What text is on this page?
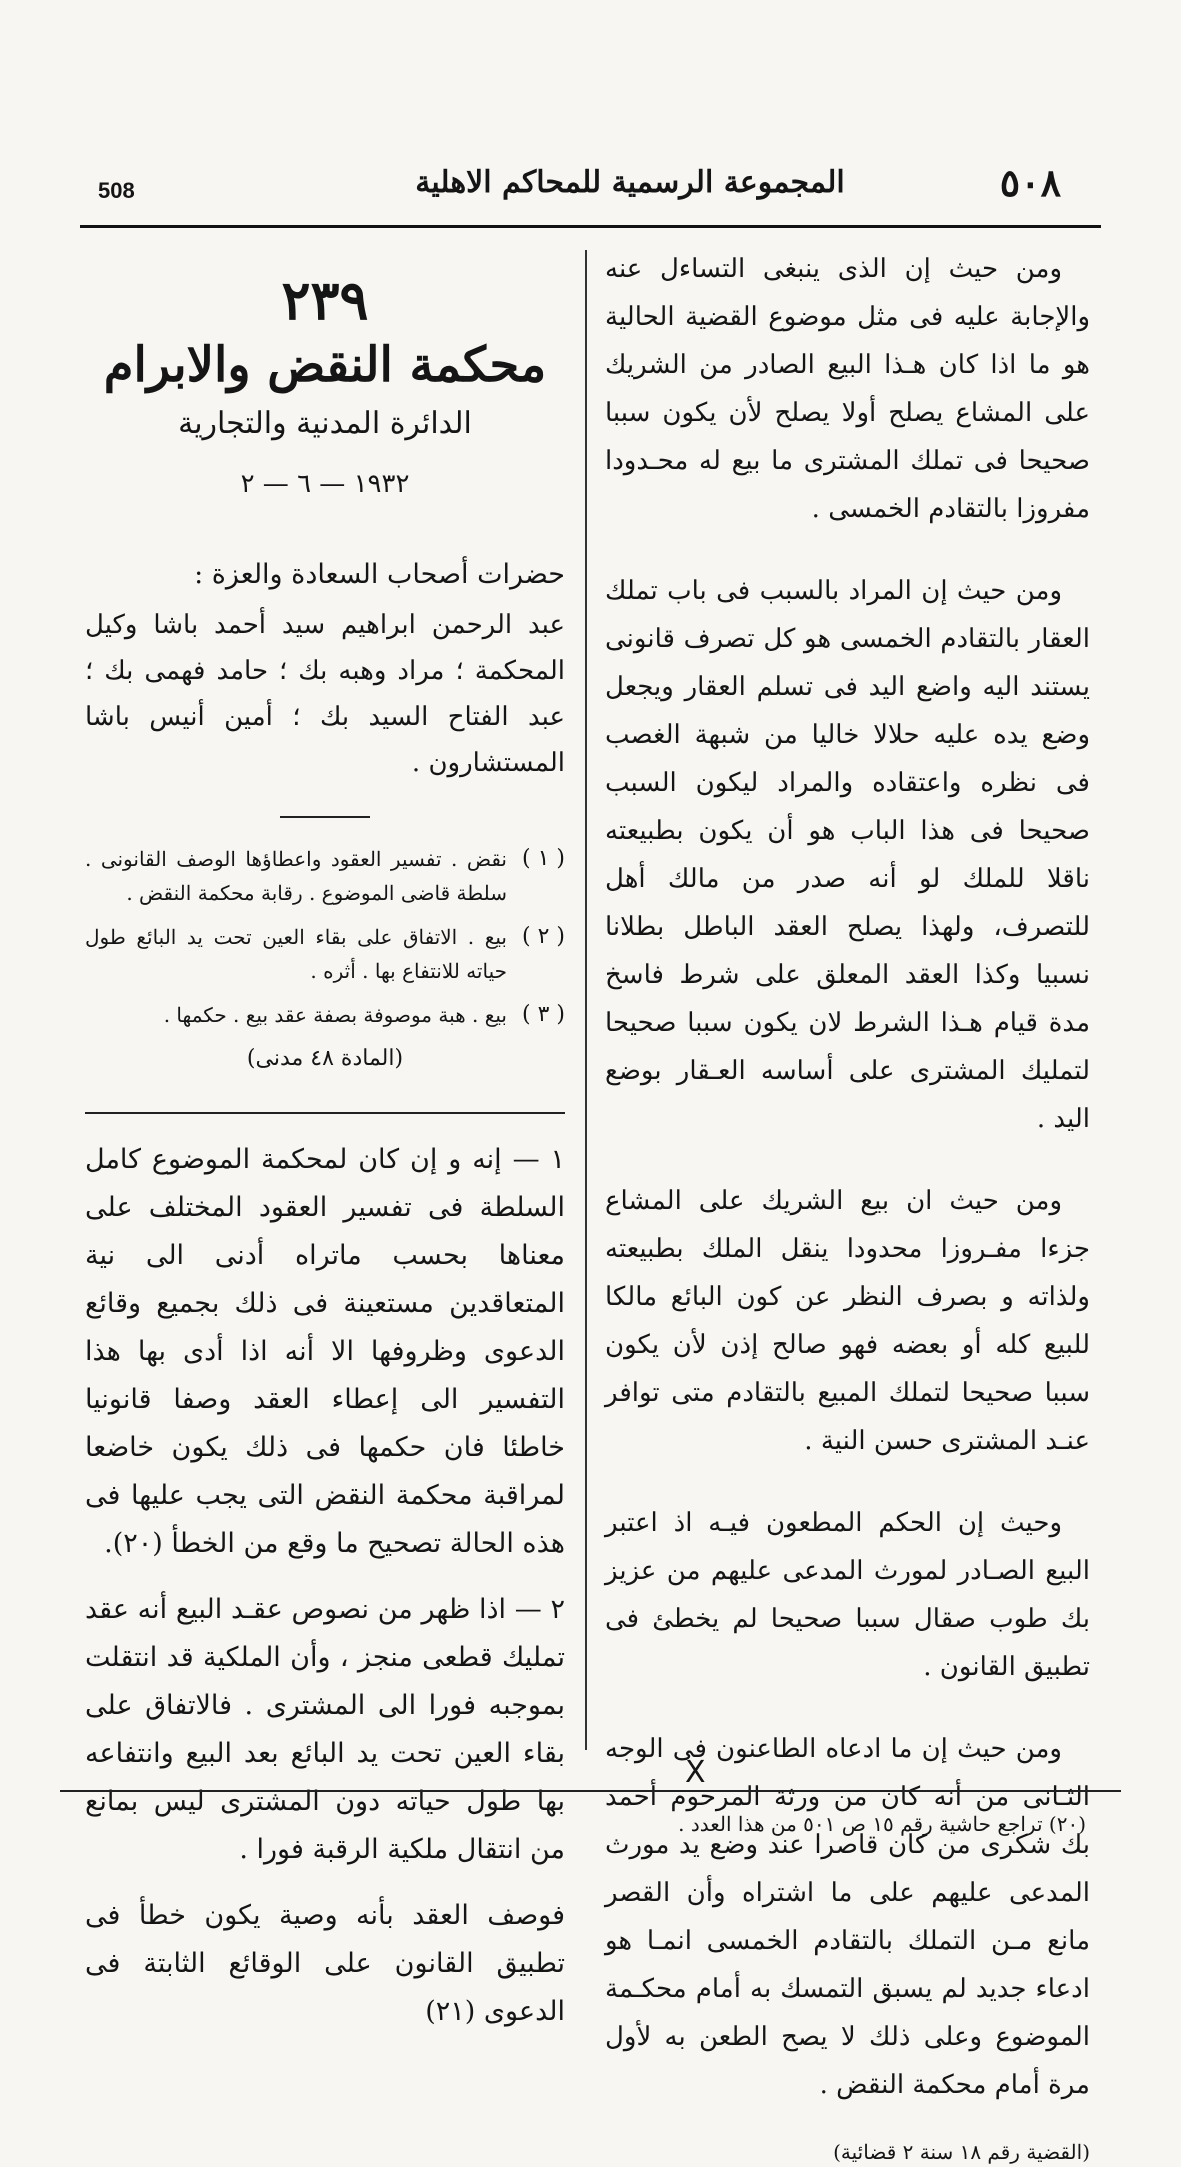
508	المجموعة الرسمية للمحاكم الاهلية	٥٠٨

ومن حيث إن الذى ينبغى التساءل عنه والإجابة عليه فى مثل موضوع القضية الحالية هو ما اذا كان هـذا البيع الصادر من الشريك على المشاع يصلح أولا يصلح لأن يكون سببا صحيحا فى تملك المشترى ما بيع له محـدودا مفروزا بالتقادم الخمسى .

ومن حيث إن المراد بالسبب فى باب تملك العقار بالتقادم الخمسى هو كل تصرف قانونى يستند اليه واضع اليد فى تسلم العقار ويجعل وضع يده عليه حلالا خاليا من شبهة الغصب فى نظره واعتقاده والمراد ليكون السبب صحيحا فى هذا الباب هو أن يكون بطبيعته ناقلا للملك لو أنه صدر من مالك أهل للتصرف، ولهذا يصلح العقد الباطل بطلانا نسبيا وكذا العقد المعلق على شرط فاسخ مدة قيام هـذا الشرط لان يكون سببا صحيحا لتمليك المشترى على أساسه العـقار بوضع اليد .

ومن حيث ان بيع الشريك على المشاع جزءا مفـروزا محدودا ينقل الملك بطبيعته ولذاته و بصرف النظر عن كون البائع مالكا للبيع كله أو بعضه فهو صالح إذن لأن يكون سببا صحيحا لتملك المبيع بالتقادم متى توافر عنـد المشترى حسن النية .

وحيث إن الحكم المطعون فيـه اذ اعتبر البيع الصـادر لمورث المدعى عليهم من عزيز بك طوب صقال سببا صحيحا لم يخطئ فى تطبيق القانون .

ومن حيث إن ما ادعاه الطاعنون فى الوجه الثـانى من أنه كان من ورثة المرحوم أحمد بك شكرى من كان قاصرا عند وضع يد مورث المدعى عليهم على ما اشتراه وأن القصر مانع مـن التملك بالتقادم الخمسى انمـا هو ادعاء جديد لم يسبق التمسك به أمام محكـمة الموضوع وعلى ذلك لا يصح الطعن به لأول مرة أمام محكمة النقض .

(القضية رقم ١٨ سنة ٢ قضائية)
X
٢٣٩
محكمة النقض والابرام
الدائرة المدنية والتجارية
١٩٣٢ — ٦ — ٢
حضرات أصحاب السعادة والعزة :
عبد الرحمن ابراهيم سيد أحمد باشا وكيل المحكمة ؛ مراد وهبه بك ؛ حامد فهمى بك ؛ عبد الفتاح السيد بك ؛ أمين أنيس باشا المستشارون .
( ١ )
نقض . تفسير العقود واعطاؤها الوصف القانونى . سلطة قاضى الموضوع . رقابة محكمة النقض .
( ٢ )
بيع . الاتفاق على بقاء العين تحت يد البائع طول حياته للانتفاع بها . أثره .
( ٣ )
بيع . هبة موصوفة بصفة عقد بيع . حكمها .
(المادة ٤٨ مدنى)

١ — إنه و إن كان لمحكمة الموضوع كامل السلطة فى تفسير العقود المختلف على معناها بحسب ماتراه أدنى الى نية المتعاقدين مستعينة فى ذلك بجميع وقائع الدعوى وظروفها الا أنه اذا أدى بها هذا التفسير الى إعطاء العقد وصفا قانونيا خاطئا فان حكمها فى ذلك يكون خاضعا لمراقبة محكمة النقض التى يجب عليها فى هذه الحالة تصحيح ما وقع من الخطأ (٢٠).

٢ — اذا ظهر من نصوص عقـد البيع أنه عقد تمليك قطعى منجز ، وأن الملكية قد انتقلت بموجبه فورا الى المشترى . فالاتفاق على بقاء العين تحت يد البائع بعد البيع وانتفاعه بها طول حياته دون المشترى ليس بمانع من انتقال ملكية الرقبة فورا .

فوصف العقد بأنه وصية يكون خطأ فى تطبيق القانون على الوقائع الثابتة فى الدعوى (٢١)

(٢٠) تراجع حاشية رقم ١٥ ص ٥٠١ من هذا العدد .
